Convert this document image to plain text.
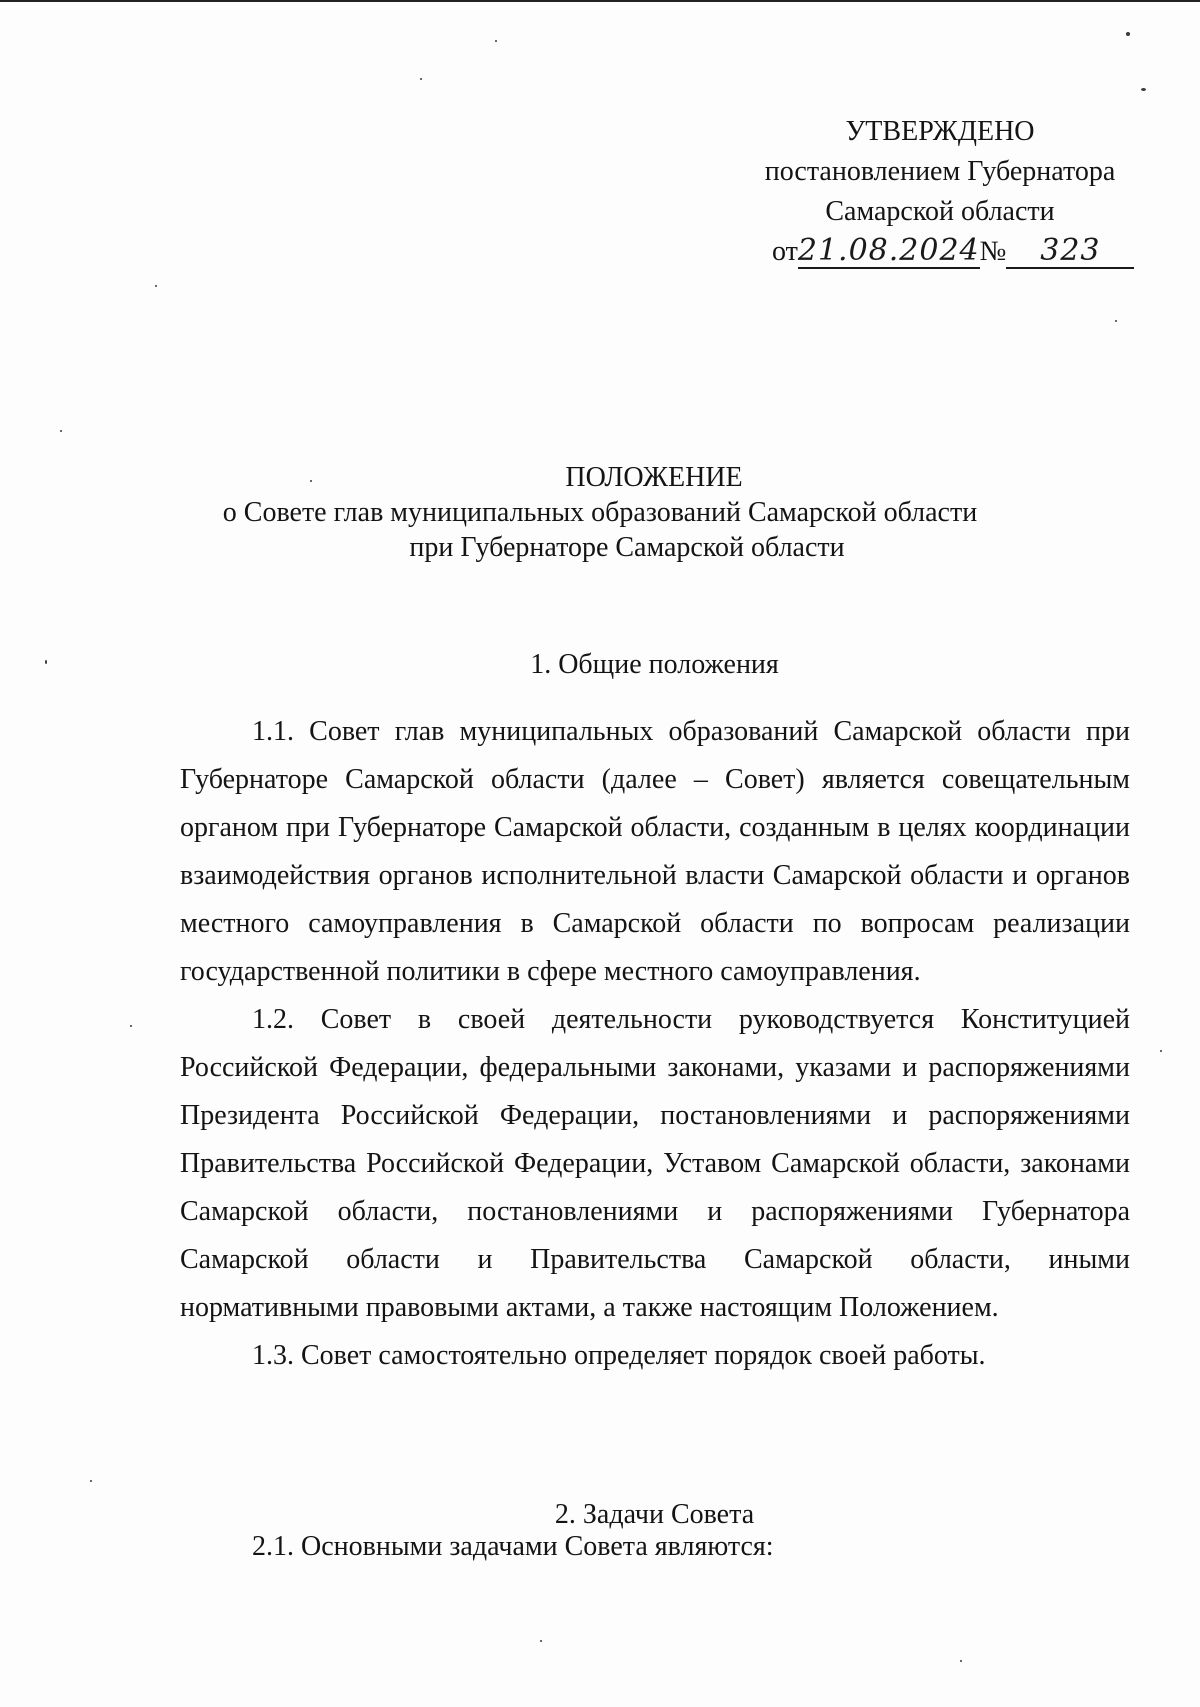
УТВЕРЖДЕНО
постановлением Губернатора
Самарской области
от21.08.2024№ 323
ПОЛОЖЕНИЕ
о Совете глав муниципальных образований Самарской области
при Губернаторе Самарской области
1. Общие положения

1.1. Совет глав муниципальных образований Самарской области при Губернаторе Самарской области (далее – Совет) является совещательным органом при Губернаторе Самарской области, созданным в целях координации взаимодействия органов исполнительной власти Самарской области и органов местного самоуправления в Самарской области по вопросам реализации государственной политики в сфере местного самоуправления.

1.2. Совет в своей деятельности руководствуется Конституцией Российской Федерации, федеральными законами, указами и распоряжениями Президента Российской Федерации, постановлениями и распоряжениями Правительства Российской Федерации, Уставом Самарской области, законами Самарской области, постановлениями и распоряжениями Губернатора Самарской области и Правительства Самарской области, иными нормативными правовыми актами, а также настоящим Положением.

1.3. Совет самостоятельно определяет порядок своей работы.

2. Задачи Совета

2.1. Основными задачами Совета являются:
